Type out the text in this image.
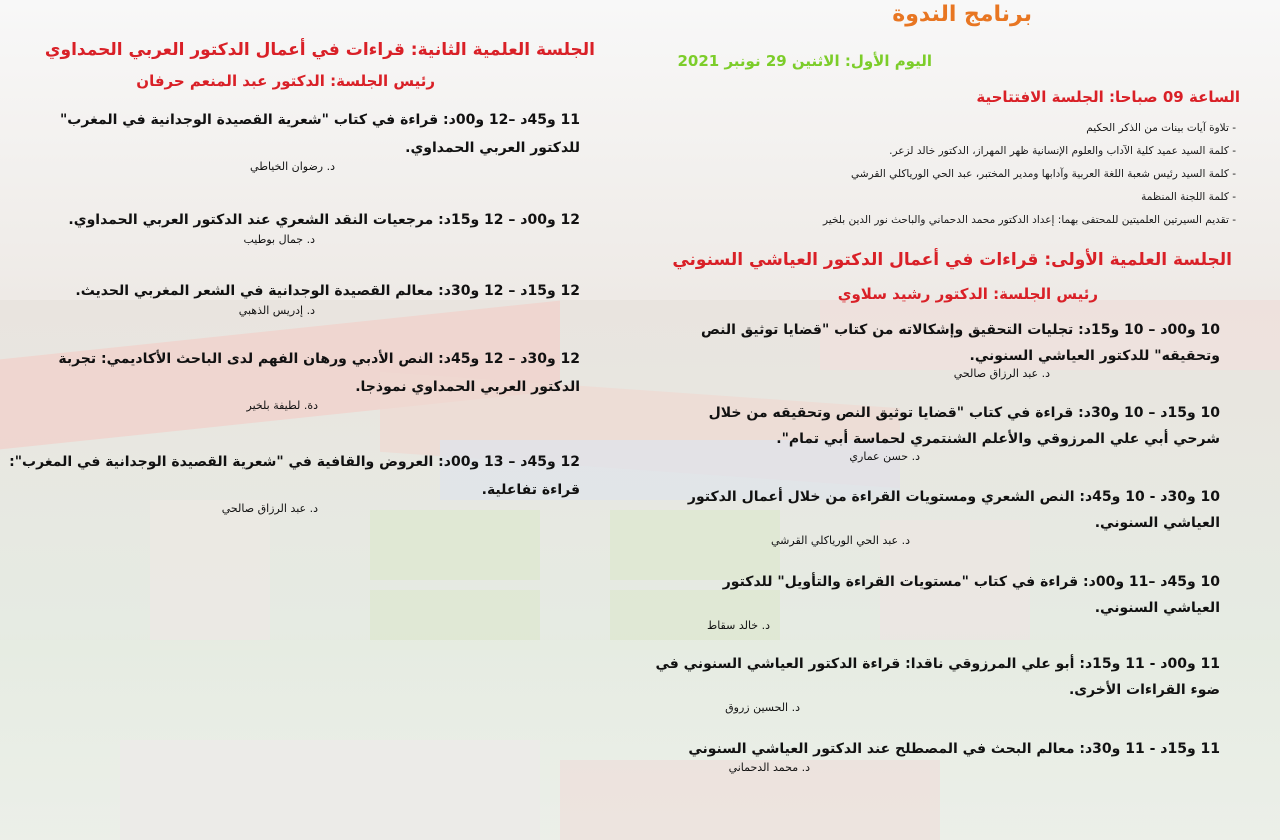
برنامج الندوة
اليوم الأول: الاثنين 29 نونبر 2021
الساعة 09 صباحا: الجلسة الافتتاحية
- تلاوة آيات بينات من الذكر الحكيم
- كلمة السيد عميد كلية الآداب والعلوم الإنسانية ظهر المهراز، الدكتور خالد لزعر.
- كلمة السيد رئيس شعبة اللغة العربية وآدابها ومدير المختبر، عبد الحي الورياكلي القرشي
- كلمة اللجنة المنظمة
- تقديم السيرتين العلميتين للمحتفى بهما: إعداد الدكتور محمد الدحماني والباحث نور الدين بلخير
الجلسة العلمية الأولى: قراءات في أعمال الدكتور العياشي السنوني
رئيس الجلسة: الدكتور رشيد سلاوي
10 و00د – 10 و15د: تجليات التحقيق وإشكالاته من كتاب "قضايا توثيق النص
وتحقيقه" للدكتور العياشي السنوني.
د. عبد الرزاق صالحي
10 و15د – 10 و30د: قراءة في كتاب "قضايا توثيق النص وتحقيقه من خلال
شرحي أبي علي المرزوقي والأعلم الشنتمري لحماسة أبي تمام".
د. حسن عماري
10 و30د - 10 و45د: النص الشعري ومستويات القراءة من خلال أعمال الدكتور
العياشي السنوني.
د. عبد الحي الورياكلي القرشي
10 و45د –11 و00د: قراءة في كتاب "مستويات القراءة والتأويل" للدكتور
العياشي السنوني.
د. خالد سقاط
11 و00د - 11 و15د: أبو علي المرزوقي ناقدا: قراءة الدكتور العياشي السنوني في
ضوء القراءات الأخرى.
د. الحسين زروق
11 و15د - 11 و30د: معالم البحث في المصطلح عند الدكتور العياشي السنوني
د. محمد الدحماني
الجلسة العلمية الثانية: قراءات في أعمال الدكتور العربي الحمداوي
رئيس الجلسة: الدكتور عبد المنعم حرفان
11 و45د –12 و00د: قراءة في كتاب "شعرية القصيدة الوجدانية في المغرب"
للدكتور العربي الحمداوي.
د. رضوان الخياطي
12 و00د – 12 و15د: مرجعيات النقد الشعري عند الدكتور العربي الحمداوي.
د. جمال بوطيب
12 و15د – 12 و30د: معالم القصيدة الوجدانية في الشعر المغربي الحديث.
د. إدريس الذهبي
12 و30د – 12 و45د: النص الأدبي ورهان الفهم لدى الباحث الأكاديمي: تجربة
الدكتور العربي الحمداوي نموذجا.
دة. لطيفة بلخير
12 و45د – 13 و00د: العروض والقافية في "شعرية القصيدة الوجدانية في المغرب":
قراءة تفاعلية.
د. عبد الرزاق صالحي
